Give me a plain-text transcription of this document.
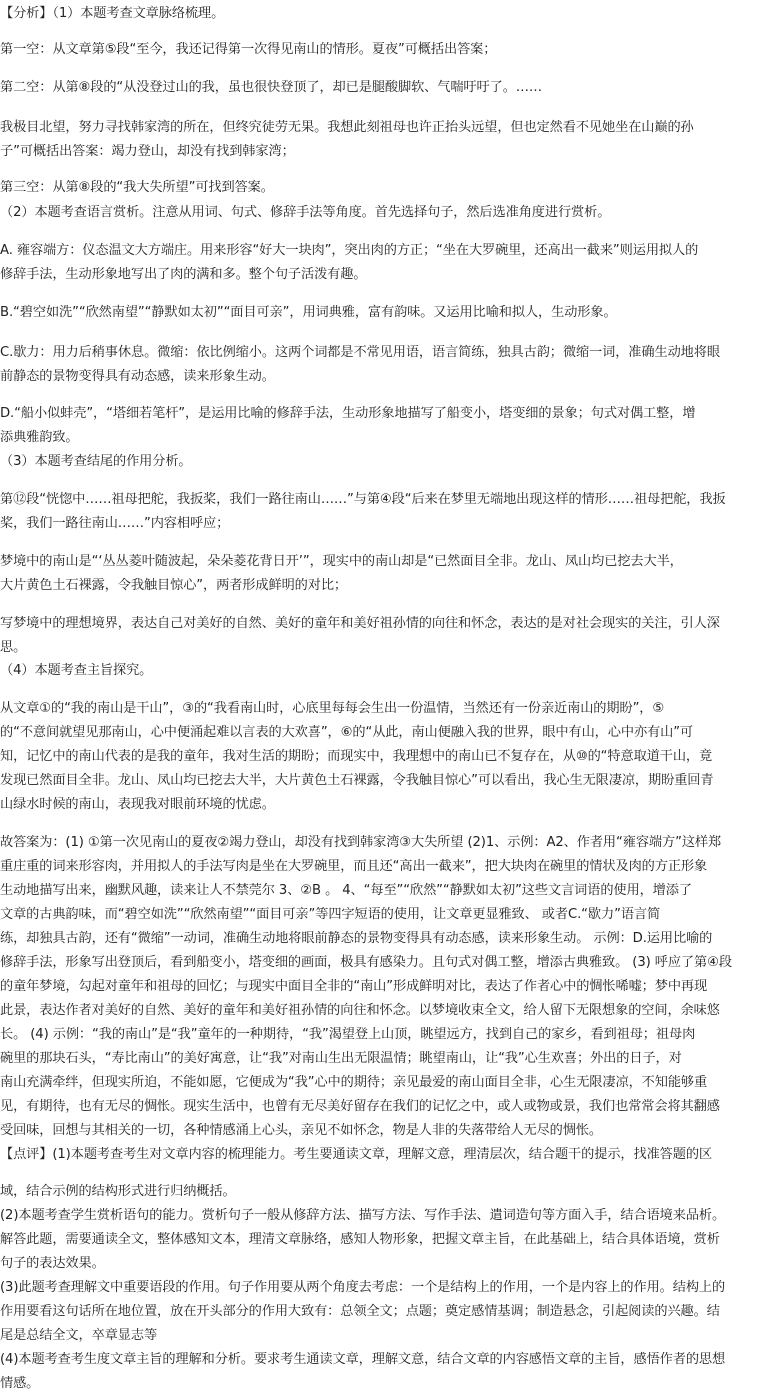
【分析】（1）本题考查文章脉络梳理。
第一空：从文章第⑤段“至今，我还记得第一次得见南山的情形。夏夜”可概括出答案；
第二空：从第⑧段的“从没登过山的我，虽也很快登顶了，却已是腿酸脚软、气喘吁吁了。……
我极目北望，努力寻找韩家湾的所在，但终究徒劳无果。我想此刻祖母也许正抬头远望，但也定然看不见她坐在山巅的孙
子”可概括出答案：竭力登山，却没有找到韩家湾；
第三空：从第⑧段的“我大失所望”可找到答案。
（2）本题考查语言赏析。注意从用词、句式、修辞手法等角度。首先选择句子，然后选准角度进行赏析。
A. 雍容端方：仪态温文大方端庄。用来形容“好大一块肉”，突出肉的方正；“坐在大罗碗里，还高出一截来”则运用拟人的
修辞手法，生动形象地写出了肉的满和多。整个句子活泼有趣。
B.“碧空如洗”“欣然南望”“静默如太初”“面目可亲”，用词典雅，富有韵味。又运用比喻和拟人，生动形象。
C.歇力：用力后稍事休息。微缩：依比例缩小。这两个词都是不常见用语，语言简练，独具古韵；微缩一词，准确生动地将眼
前静态的景物变得具有动态感，读来形象生动。
D.“船小似蚌壳”，“塔细若笔杆”，是运用比喻的修辞手法，生动形象地描写了船变小，塔变细的景象；句式对偶工整，增
添典雅韵致。
（3）本题考查结尾的作用分析。
第⑫段“恍惚中……祖母把舵，我扳桨，我们一路往南山……”与第④段“后来在梦里无端地出现这样的情形……祖母把舵，我扳
桨，我们一路往南山……”内容相呼应；
梦境中的南山是“‘丛丛菱叶随波起，朵朵菱花背日开’”，现实中的南山却是“已然面目全非。龙山、凤山均已挖去大半，
大片黄色土石裸露，令我触目惊心”，两者形成鲜明的对比；
写梦境中的理想境界，表达自己对美好的自然、美好的童年和美好祖孙情的向往和怀念，表达的是对社会现实的关注，引人深
思。
（4）本题考查主旨探究。
从文章①的“我的南山是干山”，③的“我看南山时，心底里每每会生出一份温情，当然还有一份亲近南山的期盼”，⑤
的“不意间就望见那南山，心中便涌起难以言表的大欢喜”，⑥的“从此，南山便融入我的世界，眼中有山，心中亦有山”可
知，记忆中的南山代表的是我的童年，我对生活的期盼；而现实中，我理想中的南山已不复存在，从⑩的“特意取道干山，竟
发现已然面目全非。龙山、凤山均已挖去大半，大片黄色土石裸露，令我触目惊心”可以看出，我心生无限凄凉，期盼重回青
山绿水时候的南山，表现我对眼前环境的忧虑。
故答案为：(1) ①第一次见南山的夏夜②竭力登山，却没有找到韩家湾③大失所望 (2)1、示例：A2、作者用“雍容端方”这样郑
重庄重的词来形容肉，并用拟人的手法写肉是坐在大罗碗里，而且还“高出一截来”，把大块肉在碗里的情状及肉的方正形象
生动地描写出来，幽默风趣，读来让人不禁莞尔 3、②B 。 4、“每至”“欣然”“静默如太初”这些文言词语的使用，增添了
文章的古典韵味，而“碧空如洗”“欣然南望”“面目可亲”等四字短语的使用，让文章更显雅致、 或者C.“歇力”语言简
练，却独具古韵，还有“微缩”一动词，准确生动地将眼前静态的景物变得具有动态感，读来形象生动。 示例：D.运用比喻的
修辞手法，形象写出登顶后，看到船变小，塔变细的画面，极具有感染力。且句式对偶工整，增添古典雅致。 (3) 呼应了第④段
的童年梦境，勾起对童年和祖母的回忆；与现实中面目全非的“南山”形成鲜明对比，表达了作者心中的惆怅唏嘘；梦中再现
此景，表达作者对美好的自然、美好的童年和美好祖孙情的向往和怀念。以梦境收束全文，给人留下无限想象的空间，余味悠
长。 (4) 示例：“我的南山”是“我”童年的一种期待，“我”渴望登上山顶，眺望远方，找到自己的家乡，看到祖母；祖母肉
碗里的那块石头，“寿比南山”的美好寓意，让“我”对南山生出无限温情；眺望南山，让“我”心生欢喜；外出的日子，对
南山充满牵绊，但现实所迫，不能如愿，它便成为“我”心中的期待；亲见最爱的南山面目全非，心生无限凄凉，不知能够重
见，有期待，也有无尽的惆怅。现实生活中，也曾有无尽美好留存在我们的记忆之中，或人或物或景，我们也常常会将其翻感
受回味，回想与其相关的一切，各种情感涌上心头，亲见不如怀念，物是人非的失落带给人无尽的惆怅。
【点评】(1)本题考查考生对文章内容的梳理能力。考生要通读文章，理解文意，理清层次，结合题干的提示，找准答题的区
域，结合示例的结构形式进行归纳概括。
(2)本题考查学生赏析语句的能力。赏析句子一般从修辞方法、描写方法、写作手法、遣词造句等方面入手，结合语境来品析。
解答此题，需要通读全文，整体感知文本，理清文章脉络，感知人物形象，把握文章主旨，在此基础上，结合具体语境，赏析
句子的表达效果。
(3)此题考查理解文中重要语段的作用。句子作用要从两个角度去考虑：一个是结构上的作用，一个是内容上的作用。结构上的
作用要看这句话所在地位置，放在开头部分的作用大致有：总领全文；点题；奠定感情基调；制造悬念，引起阅读的兴趣。结
尾是总结全文，卒章显志等
(4)本题考查考生度文章主旨的理解和分析。要求考生通读文章，理解文意，结合文章的内容感悟文章的主旨，感悟作者的思想
情感。
